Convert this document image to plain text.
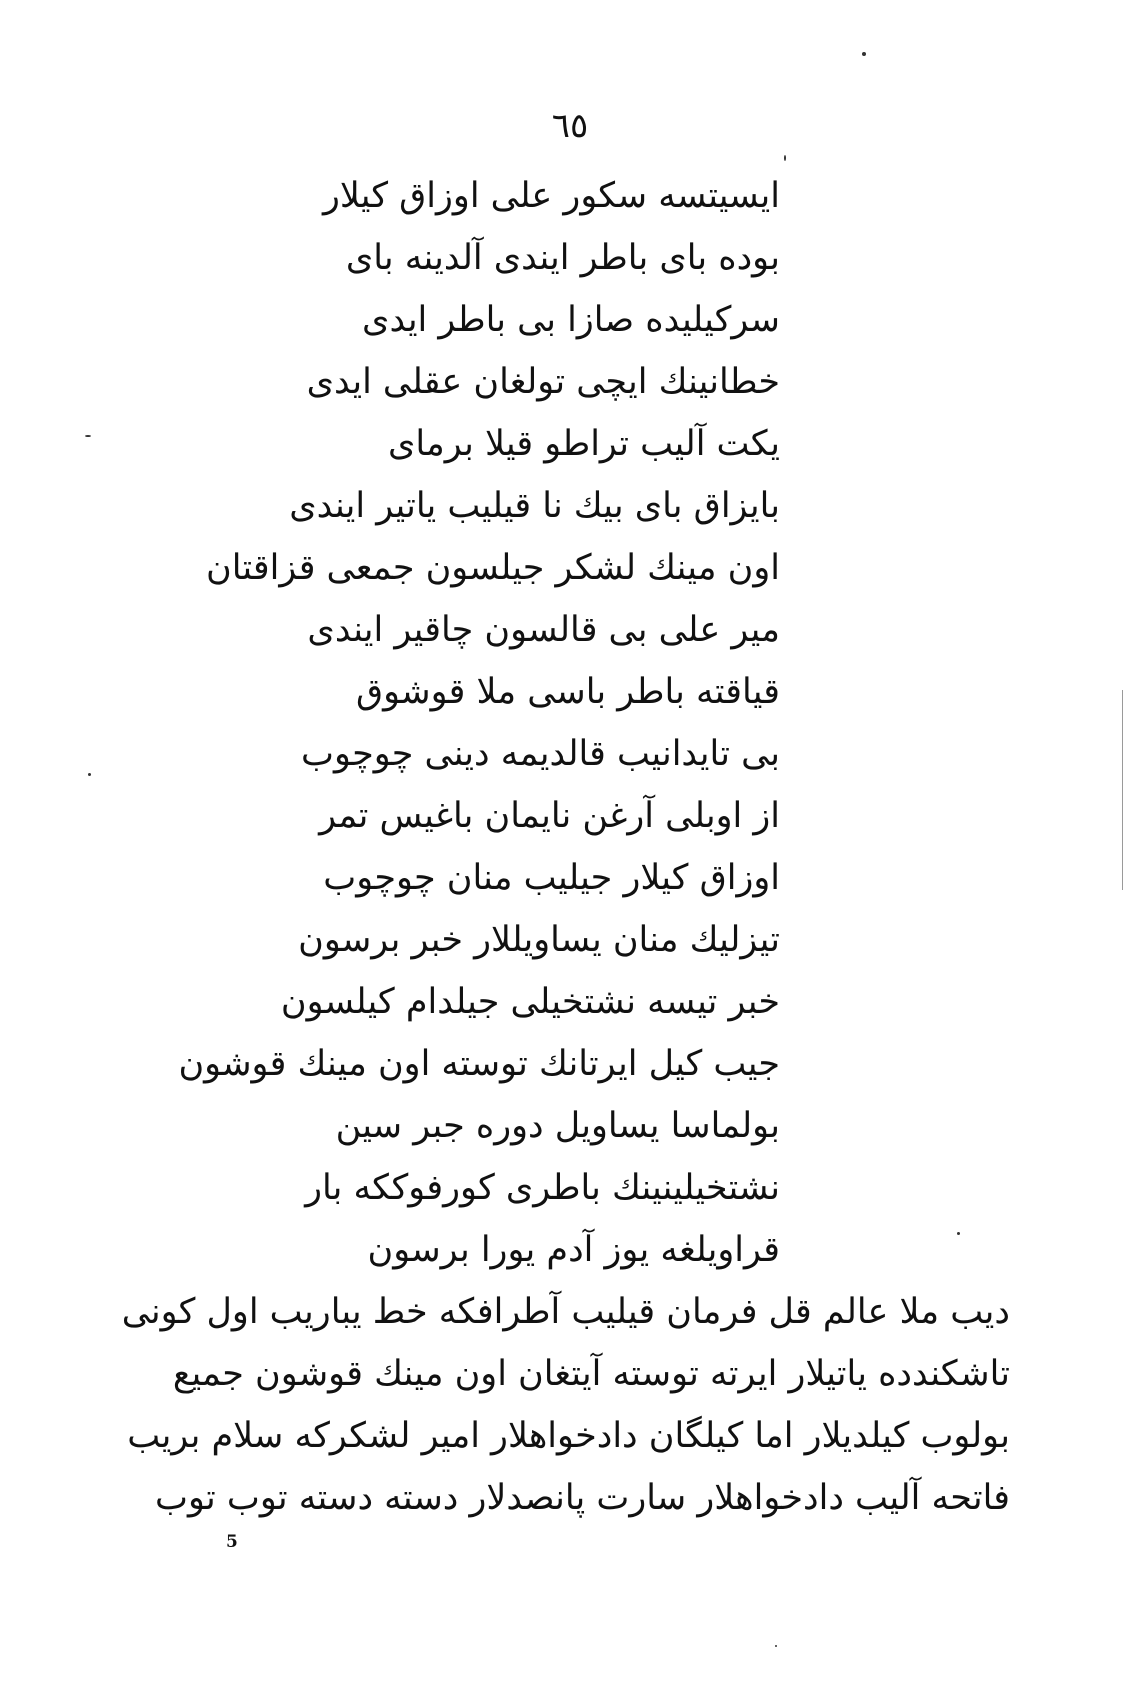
٦٥

ایسیتسه سکور علی اوزاق کیلار

بوده بای باطر ایندی آلدینه بای

سرکیلیده صازا بی باطر ایدی

خطانینك ایچی تولغان عقلی ایدی

یکت آلیب تراطو قیلا برمای

بایزاق بای بیك نا قیلیب یاتیر ایندی

اون مینك لشکر جیلسون جمعی قزاقتان

میر علی بی قالسون چاقیر ایندی

قیاقته باطر باسی ملا قوشوق

بی تایدانیب قالدیمه دینی چوچوب

از اوبلی آرغن نایمان باغیس تمر

اوزاق کیلار جیلیب منان چوچوب

تیزلیك منان یساویللار خبر برسون

خبر تیسه نشتخیلی جیلدام کیلسون

جیب کیل ایرتانك توسته اون مینك قوشون

بولماسا یساویل دوره جبر سین

نشتخیلینینك باطری کورفوککه بار

قراویلغه یوز آدم یورا برسون

دیب ملا عالم قل فرمان قیلیب آطرافکه خط یباریب اول کونی

تاشکندده یاتیلار ایرته توسته آیتغان اون مینك قوشون جمیع

بولوب کیلدیلار اما کیلگان دادخواهلار امیر لشکرکه سلام بریب

فاتحه آلیب دادخواهلار سارت پانصدلار دسته دسته توب توب

5
